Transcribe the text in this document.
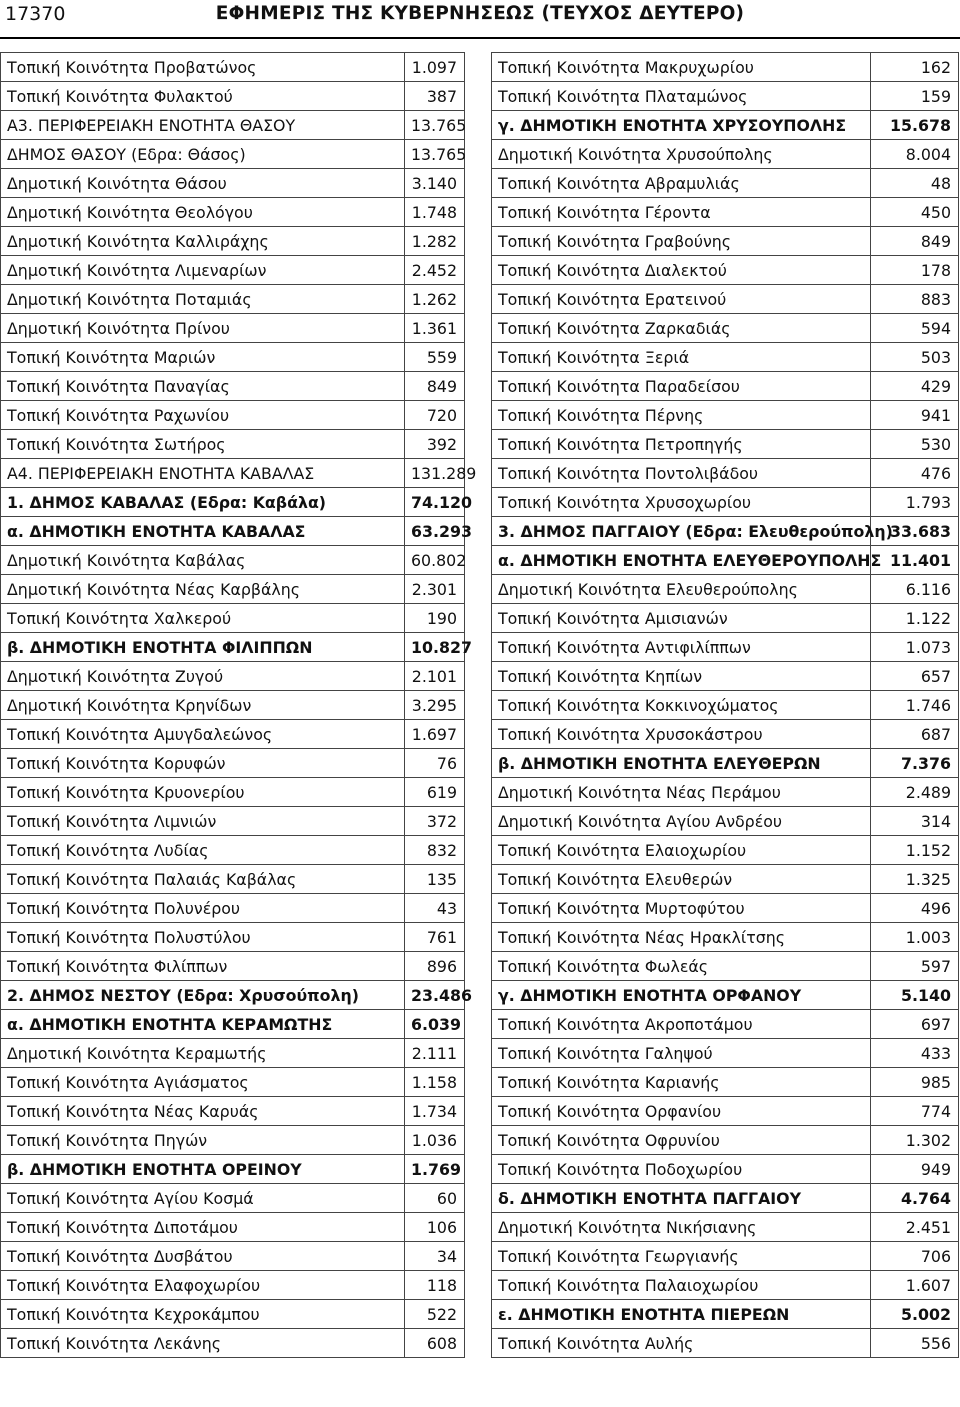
17370	ΕΦΗΜΕΡΙΣ ΤΗΣ ΚΥΒΕΡΝΗΣΕΩΣ (ΤΕΥΧΟΣ ΔΕΥΤΕΡΟ)
Τοπική Κοινότητα Προβατώνος	1.097
Τοπική Κοινότητα Φυλακτού	387
Α3. ΠΕΡΙΦΕΡΕΙΑΚΗ ΕΝΟΤΗΤΑ ΘΑΣΟΥ	13.765
ΔΗΜΟΣ ΘΑΣΟΥ (Εδρα: Θάσος)	13.765
Δημοτική Κοινότητα Θάσου	3.140
Δημοτική Κοινότητα Θεολόγου	1.748
Δημοτική Κοινότητα Καλλιράχης	1.282
Δημοτική Κοινότητα Λιμεναρίων	2.452
Δημοτική Κοινότητα Ποταμιάς	1.262
Δημοτική Κοινότητα Πρίνου	1.361
Τοπική Κοινότητα Μαριών	559
Τοπική Κοινότητα Παναγίας	849
Τοπική Κοινότητα Ραχωνίου	720
Τοπική Κοινότητα Σωτήρος	392
Α4. ΠΕΡΙΦΕΡΕΙΑΚΗ ΕΝΟΤΗΤΑ ΚΑΒΑΛΑΣ	131.289
1. ΔΗΜΟΣ ΚΑΒΑΛΑΣ (Εδρα: Καβάλα)	74.120
α. ΔΗΜΟΤΙΚΗ ΕΝΟΤΗΤΑ ΚΑΒΑΛΑΣ	63.293
Δημοτική Κοινότητα Καβάλας	60.802
Δημοτική Κοινότητα Νέας Καρβάλης	2.301
Τοπική Κοινότητα Χαλκερού	190
β. ΔΗΜΟΤΙΚΗ ΕΝΟΤΗΤΑ ΦΙΛΙΠΠΩΝ	10.827
Δημοτική Κοινότητα Ζυγού	2.101
Δημοτική Κοινότητα Κρηνίδων	3.295
Τοπική Κοινότητα Αμυγδαλεώνος	1.697
Τοπική Κοινότητα Κορυφών	76
Τοπική Κοινότητα Κρυονερίου	619
Τοπική Κοινότητα Λιμνιών	372
Τοπική Κοινότητα Λυδίας	832
Τοπική Κοινότητα Παλαιάς Καβάλας	135
Τοπική Κοινότητα Πολυνέρου	43
Τοπική Κοινότητα Πολυστύλου	761
Τοπική Κοινότητα Φιλίππων	896
2. ΔΗΜΟΣ ΝΕΣΤΟΥ (Εδρα: Χρυσούπολη)	23.486
α. ΔΗΜΟΤΙΚΗ ΕΝΟΤΗΤΑ ΚΕΡΑΜΩΤΗΣ	6.039
Δημοτική Κοινότητα Κεραμωτής	2.111
Τοπική Κοινότητα Αγιάσματος	1.158
Τοπική Κοινότητα Νέας Καρυάς	1.734
Τοπική Κοινότητα Πηγών	1.036
β. ΔΗΜΟΤΙΚΗ ΕΝΟΤΗΤΑ ΟΡΕΙΝΟΥ	1.769
Τοπική Κοινότητα Αγίου Κοσμά	60
Τοπική Κοινότητα Διποτάμου	106
Τοπική Κοινότητα Δυσβάτου	34
Τοπική Κοινότητα Ελαφοχωρίου	118
Τοπική Κοινότητα Κεχροκάμπου	522
Τοπική Κοινότητα Λεκάνης	608
Τοπική Κοινότητα Μακρυχωρίου	162
Τοπική Κοινότητα Πλαταμώνος	159
γ. ΔΗΜΟΤΙΚΗ ΕΝΟΤΗΤΑ ΧΡΥΣΟΥΠΟΛΗΣ	15.678
Δημοτική Κοινότητα Χρυσούπολης	8.004
Τοπική Κοινότητα Αβραμυλιάς	48
Τοπική Κοινότητα Γέροντα	450
Τοπική Κοινότητα Γραβούνης	849
Τοπική Κοινότητα Διαλεκτού	178
Τοπική Κοινότητα Ερατεινού	883
Τοπική Κοινότητα Ζαρκαδιάς	594
Τοπική Κοινότητα Ξεριά	503
Τοπική Κοινότητα Παραδείσου	429
Τοπική Κοινότητα Πέρνης	941
Τοπική Κοινότητα Πετροπηγής	530
Τοπική Κοινότητα Ποντολιβάδου	476
Τοπική Κοινότητα Χρυσοχωρίου	1.793
3. ΔΗΜΟΣ ΠΑΓΓΑΙΟΥ (Εδρα: Ελευθερούπολη)	33.683
α. ΔΗΜΟΤΙΚΗ ΕΝΟΤΗΤΑ ΕΛΕΥΘΕΡΟΥΠΟΛΗΣ	11.401
Δημοτική Κοινότητα Ελευθερούπολης	6.116
Τοπική Κοινότητα Αμισιανών	1.122
Τοπική Κοινότητα Αντιφιλίππων	1.073
Τοπική Κοινότητα Κηπίων	657
Τοπική Κοινότητα Κοκκινοχώματος	1.746
Τοπική Κοινότητα Χρυσοκάστρου	687
β. ΔΗΜΟΤΙΚΗ ΕΝΟΤΗΤΑ ΕΛΕΥΘΕΡΩΝ	7.376
Δημοτική Κοινότητα Νέας Περάμου	2.489
Δημοτική Κοινότητα Αγίου Ανδρέου	314
Τοπική Κοινότητα Ελαιοχωρίου	1.152
Τοπική Κοινότητα Ελευθερών	1.325
Τοπική Κοινότητα Μυρτοφύτου	496
Τοπική Κοινότητα Νέας Ηρακλίτσης	1.003
Τοπική Κοινότητα Φωλεάς	597
γ. ΔΗΜΟΤΙΚΗ ΕΝΟΤΗΤΑ ΟΡΦΑΝΟΥ	5.140
Τοπική Κοινότητα Ακροποτάμου	697
Τοπική Κοινότητα Γαληψού	433
Τοπική Κοινότητα Καριανής	985
Τοπική Κοινότητα Ορφανίου	774
Τοπική Κοινότητα Οφρυνίου	1.302
Τοπική Κοινότητα Ποδοχωρίου	949
δ. ΔΗΜΟΤΙΚΗ ΕΝΟΤΗΤΑ ΠΑΓΓΑΙΟΥ	4.764
Δημοτική Κοινότητα Νικήσιανης	2.451
Τοπική Κοινότητα Γεωργιανής	706
Τοπική Κοινότητα Παλαιοχωρίου	1.607
ε. ΔΗΜΟΤΙΚΗ ΕΝΟΤΗΤΑ ΠΙΕΡΕΩΝ	5.002
Τοπική Κοινότητα Αυλής	556
